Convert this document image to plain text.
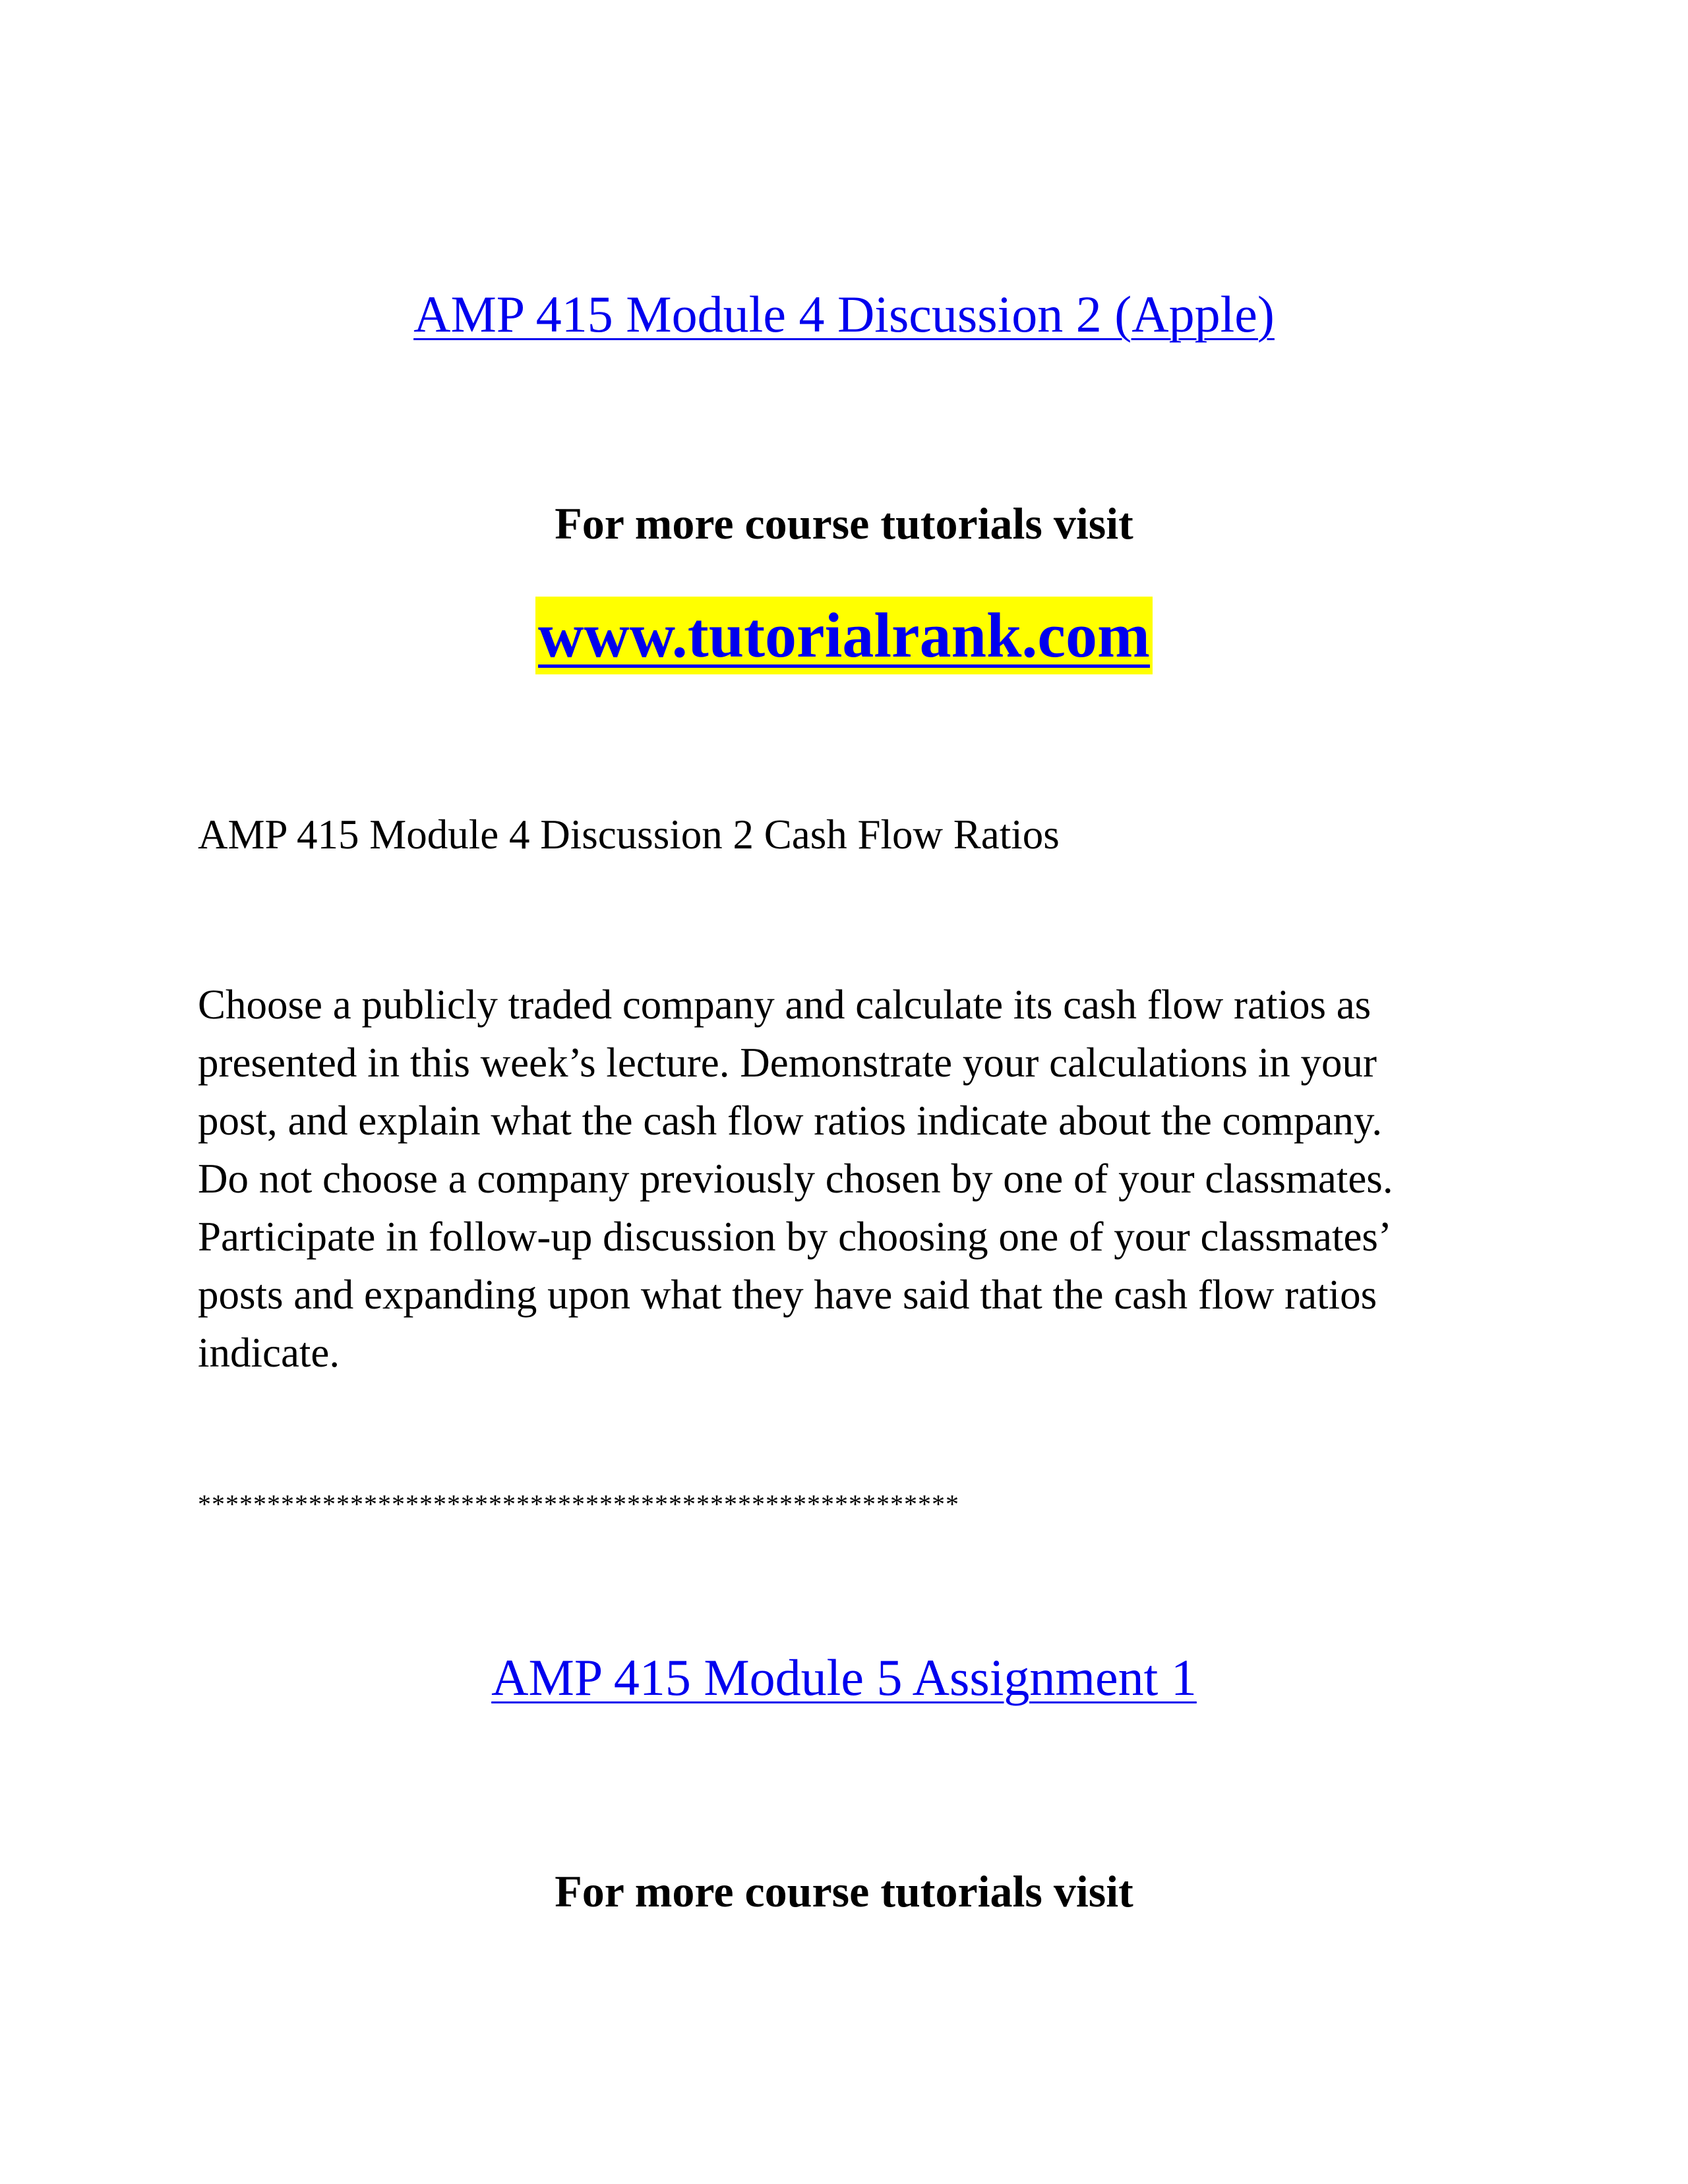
AMP 415 Module 4 Discussion 2 (Apple)
For more course tutorials visit
www.tutorialrank.com
AMP 415 Module 4 Discussion 2 Cash Flow Ratios
Choose a publicly traded company and calculate its cash flow ratios as
presented in this week’s lecture. Demonstrate your calculations in your
post, and explain what the cash flow ratios indicate about the company.
Do not choose a company previously chosen by one of your classmates.
Participate in follow-up discussion by choosing one of your classmates’
posts and expanding upon what they have said that the cash flow ratios
indicate.
*******************************************************
AMP 415 Module 5 Assignment 1
For more course tutorials visit
